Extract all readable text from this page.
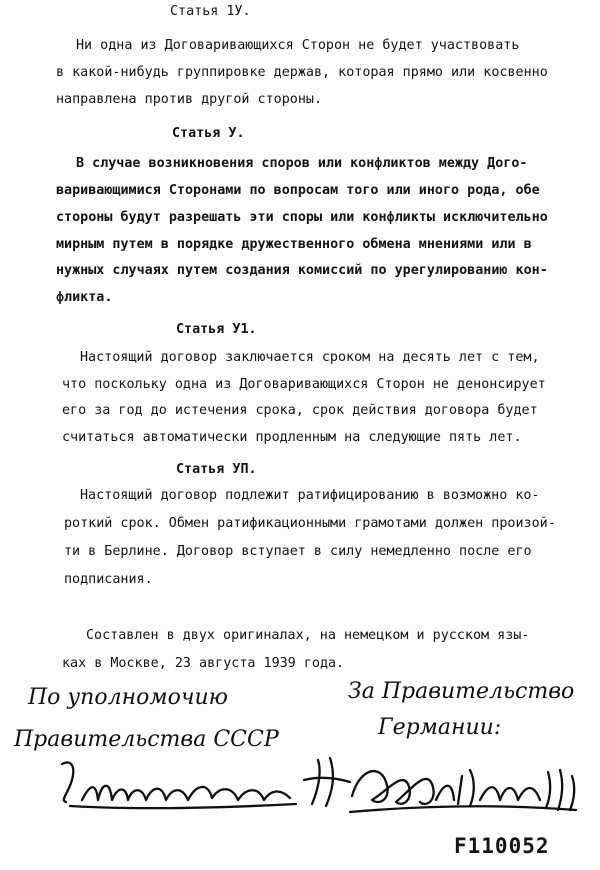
Статья 1У.
Ни одна из Договаривающихся Сторон не будет участвовать
в какой-нибудь группировке держав, которая прямо или косвенно
направлена против другой стороны.
Статья У.
В случае возникновения споров или конфликтов между Дого-
варивающимися Сторонами по вопросам того или иного рода, обе
стороны будут разрешать эти споры или конфликты исключительно
мирным путем в порядке дружественного обмена мнениями или в
нужных случаях путем создания комиссий по урегулированию кон-
фликта.
Статья У1.
Настоящий договор заключается сроком на десять лет с тем,
что поскольку одна из Договаривающихся Сторон не денонсирует
его за год до истечения срока, срок действия договора будет
считаться автоматически продленным на следующие пять лет.
Статья УП.
Настоящий договор подлежит ратифицированию в возможно ко-
роткий срок. Обмен ратификационными грамотами должен произой-
ти в Берлине. Договор вступает в силу немедленно после его
подписания.
Составлен в двух оригиналах, на немецком и русском язы-
ках в Москве, 23 августа 1939 года.
По уполномочию
Правительства СССР
За Правительство
Германии:
F110052
